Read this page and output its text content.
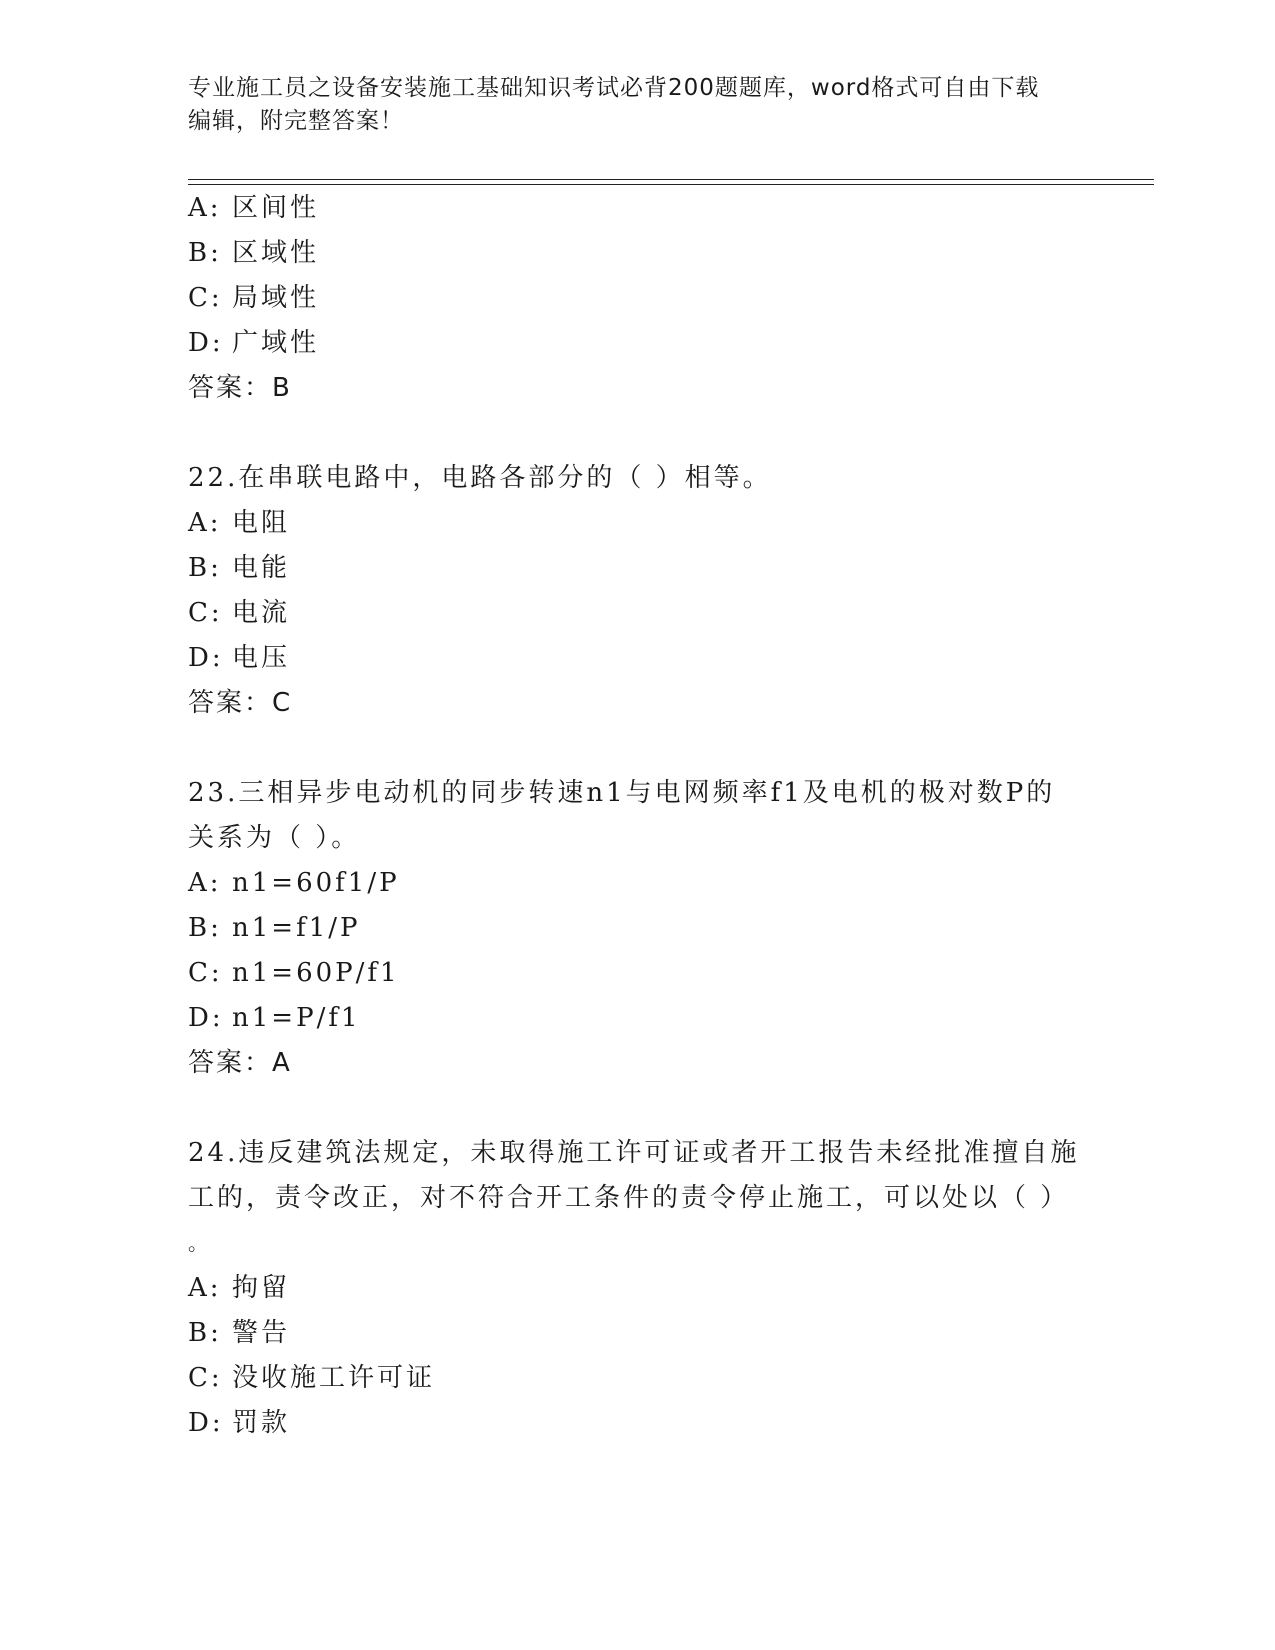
专业施工员之设备安装施工基础知识考试必背200题题库，word格式可自由下载
编辑，附完整答案！
A: 区间性
B: 区域性
C: 局域性
D: 广域性
答案：B
22.在串联电路中，电路各部分的（ ）相等。
A: 电阻
B: 电能
C: 电流
D: 电压
答案：C
23.三相异步电动机的同步转速n1与电网频率f1及电机的极对数P的
关系为（ ）。
A: n1=60f1/P
B: n1=f1/P
C: n1=60P/f1
D: n1=P/f1
答案：A
24.违反建筑法规定，未取得施工许可证或者开工报告未经批准擅自施
工的，责令改正，对不符合开工条件的责令停止施工，可以处以（ ）
。
A: 拘留
B: 警告
C: 没收施工许可证
D: 罚款
